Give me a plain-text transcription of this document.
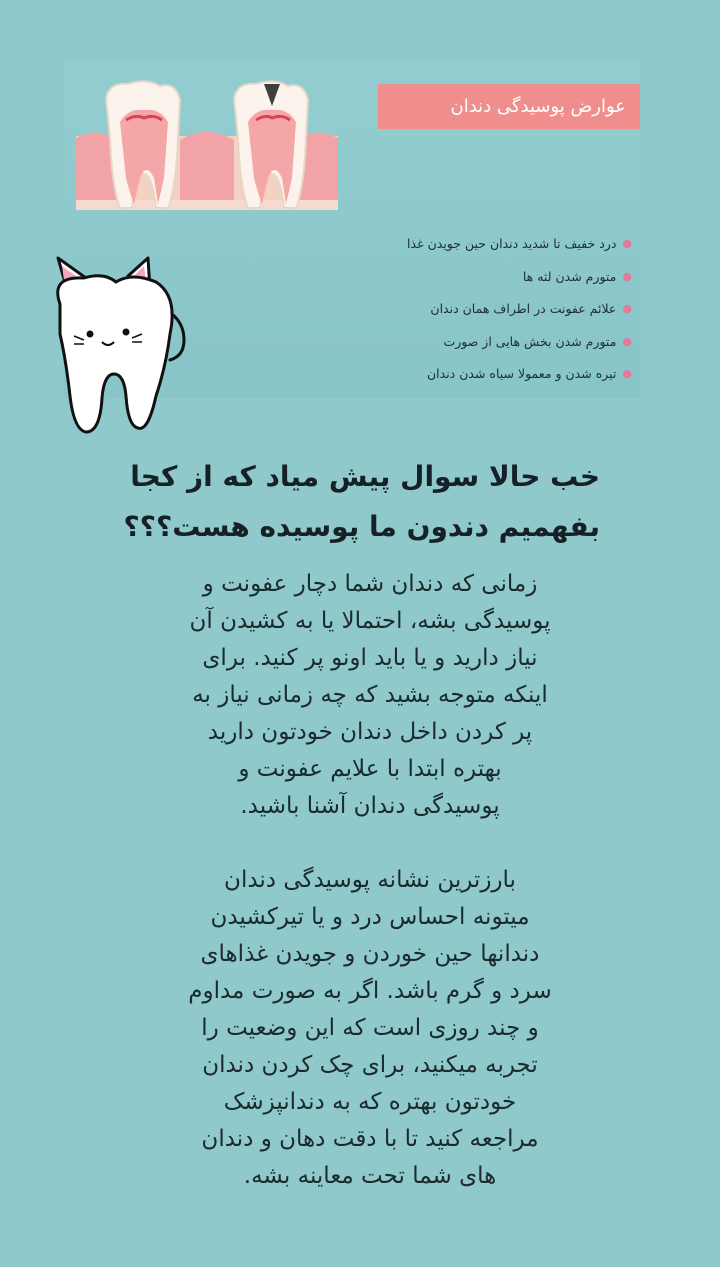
عوارض پوسیدگی دندان
●
درد خفیف تا شدید دندان حین جویدن غذا
●
متورم شدن لثه ها
●
علائم عفونت در اطراف همان دندان
●
متورم شدن بخش هایی از صورت
●
تیره شدن و معمولا سیاه شدن دندان
خب حالا سوال پیش میاد که از کجا
بفهمیم دندون ما پوسیده هست؟؟؟
زمانی که دندان شما دچار عفونت و
پوسیدگی بشه، احتمالا یا به کشیدن آن
نیاز دارید و یا باید اونو پر کنید. برای
اینکه متوجه بشید که چه زمانی نیاز به
پر کردن داخل دندان خودتون دارید
بهتره ابتدا با علایم عفونت و
پوسیدگی دندان آشنا باشید.
بارزترین نشانه پوسیدگی دندان
میتونه احساس درد و یا تیرکشیدن
دندانها حین خوردن و جویدن غذاهای
سرد و گرم باشد. اگر به صورت مداوم
و چند روزی است که این وضعیت را
تجربه میکنید، برای چک کردن دندان
خودتون بهتره که به دندانپزشک
مراجعه کنید تا با دقت دهان و دندان
های شما تحت معاینه بشه.
